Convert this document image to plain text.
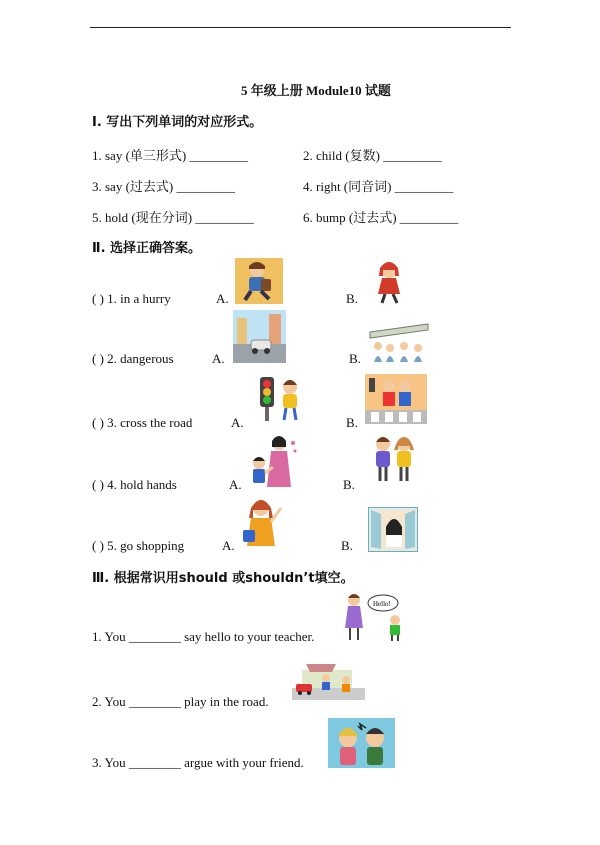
5 年级上册 Module10 试题
Ⅰ. 写出下列单词的对应形式。
1. say (单三形式) _________	2. child (复数) _________
3. say (过去式) _________	4. right (同音词) _________
5. hold (现在分词) _________	6. bump (过去式) _________
Ⅱ. 选择正确答案。
( ) 1. in a hurry	A.	B.
( ) 2. dangerous	A.	B.
( ) 3. cross the road	A.	B.
( ) 4. hold hands	A.	B.
( ) 5. go shopping	A.	B.
Ⅲ. 根据常识用should 或shouldn’t填空。
1. You ________ say hello to your teacher.
Hello!
2. You ________ play in the road.
3. You ________ argue with your friend.
